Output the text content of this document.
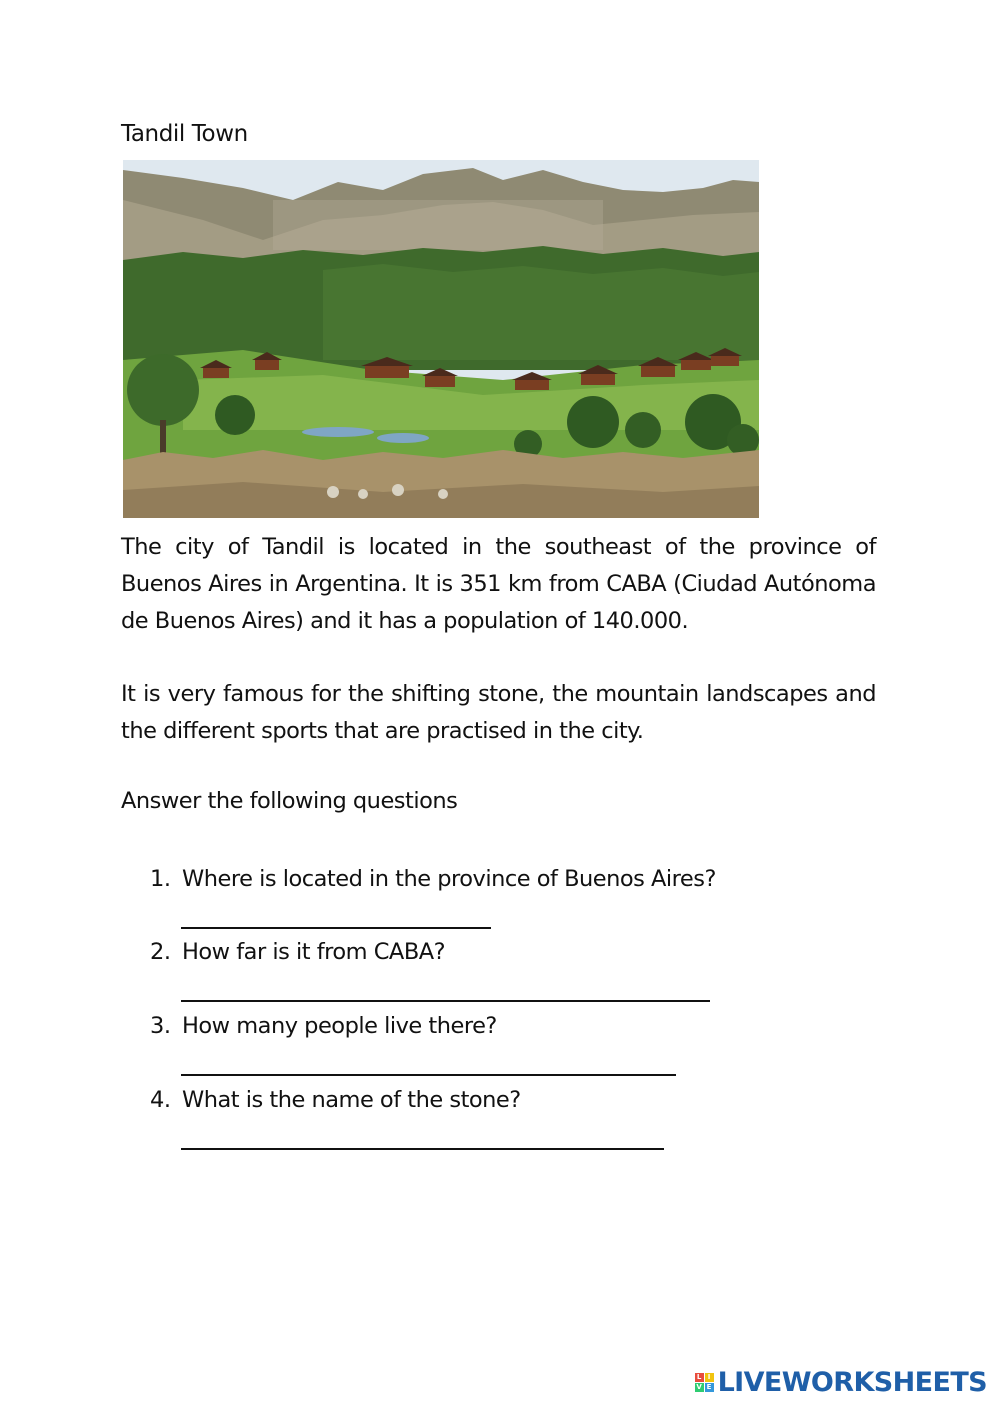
Tandil Town
The city of Tandil is located in the southeast of the province of Buenos Aires in Argentina. It is 351 km from CABA (Ciudad Autónoma de Buenos Aires) and it has a population of 140.000.
It is very famous for the shifting stone, the mountain landscapes and the different sports that are practised in the city.
Answer the following questions
1. Where is located in the province of Buenos Aires?
2. How far is it from CABA?
3. How many people live there?
4. What is the name of the stone?
L I
V E LIVEWORKSHEETS
